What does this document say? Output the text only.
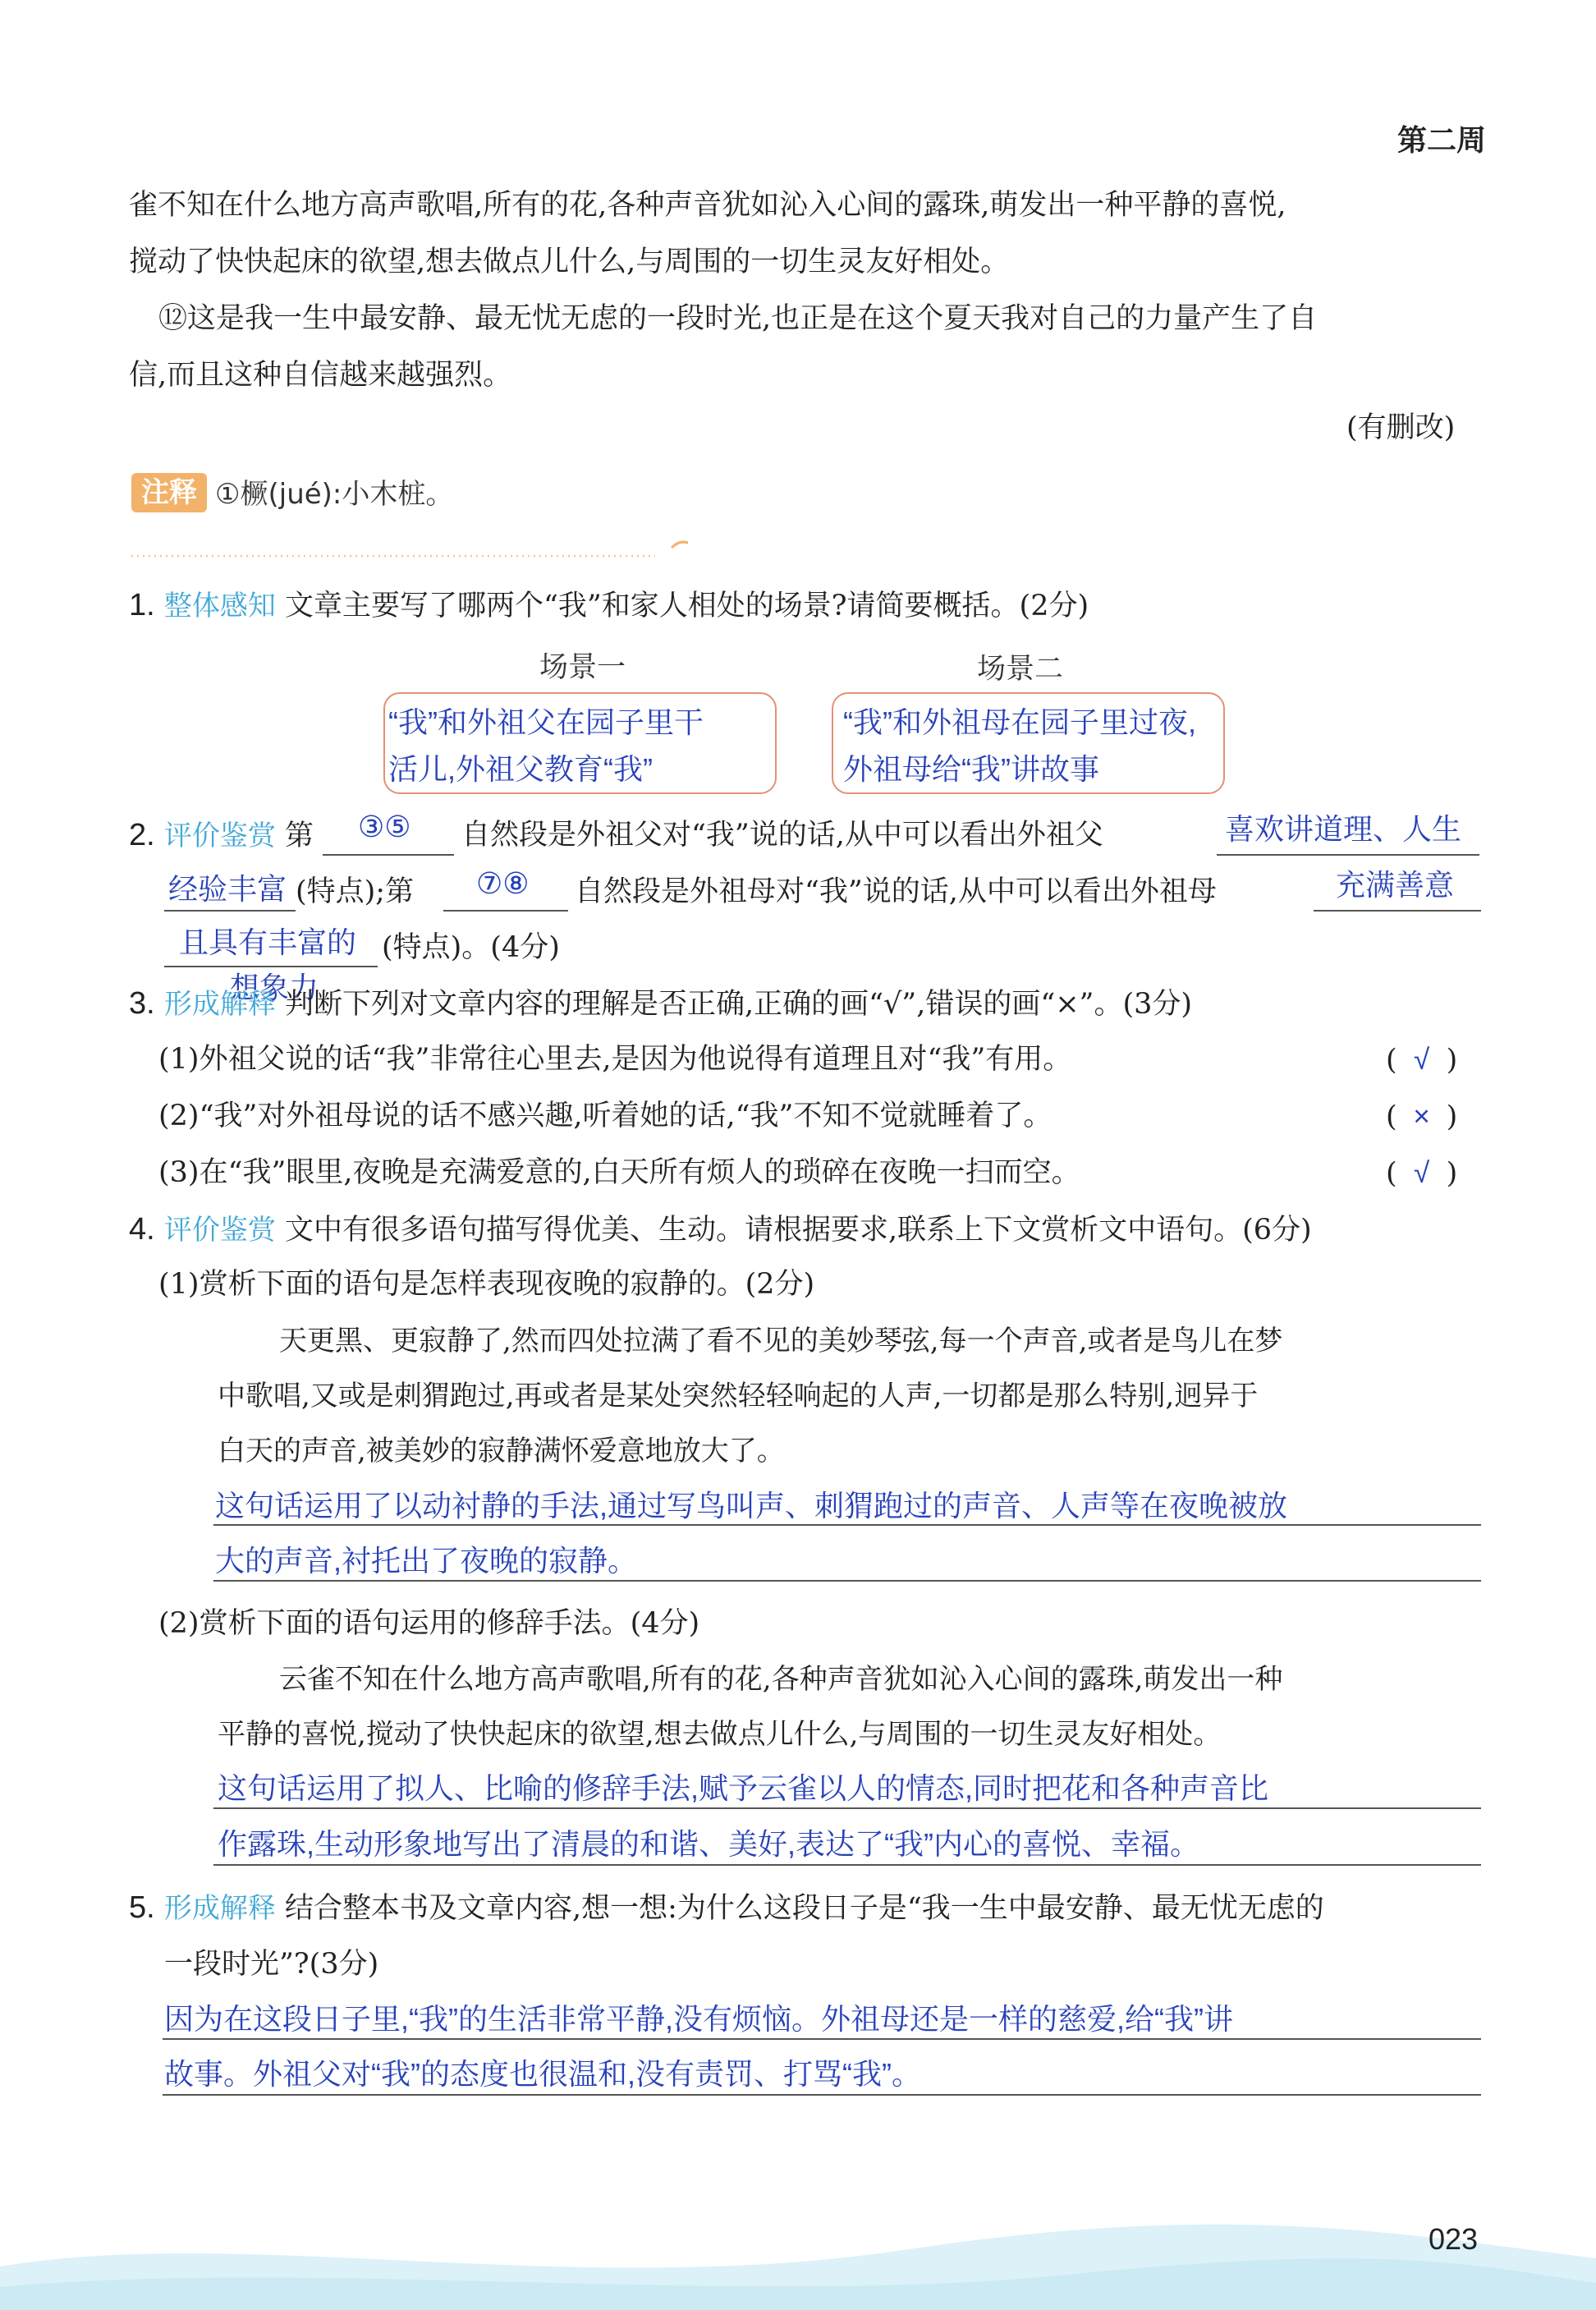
第二周
雀不知在什么地方高声歌唱,所有的花,各种声音犹如沁入心间的露珠,萌发出一种平静的喜悦,
搅动了快快起床的欲望,想去做点儿什么,与周围的一切生灵友好相处。
⑫这是我一生中最安静、最无忧无虑的一段时光,也正是在这个夏天我对自己的力量产生了自
信,而且这种自信越来越强烈。
(有删改)
注释 ①橛(jué):小木桩。
1. 整体感知 文章主要写了哪两个“我”和家人相处的场景?请简要概括。(2分)
场景一	场景二
“我”和外祖父在园子里干
活儿,外祖父教育“我”
“我”和外祖母在园子里过夜,
外祖母给“我”讲故事
2. 评价鉴赏 第 ③⑤ 自然段是外祖父对“我”说的话,从中可以看出外祖父	喜欢讲道理、人生
经验丰富 (特点);第 ⑦⑧ 自然段是外祖母对“我”说的话,从中可以看出外祖母	充满善意
且具有丰富的 (特点)。(4分)
想象力
3. 形成解释 判断下列对文章内容的理解是否正确,正确的画“√”,错误的画“×”。(3分)
(1)外祖父说的话“我”非常往心里去,是因为他说得有道理且对“我”有用。	( √ )
(2)“我”对外祖母说的话不感兴趣,听着她的话,“我”不知不觉就睡着了。	( × )
(3)在“我”眼里,夜晚是充满爱意的,白天所有烦人的琐碎在夜晚一扫而空。	( √ )
4. 评价鉴赏 文中有很多语句描写得优美、生动。请根据要求,联系上下文赏析文中语句。(6分)
(1)赏析下面的语句是怎样表现夜晚的寂静的。(2分)
天更黑、更寂静了,然而四处拉满了看不见的美妙琴弦,每一个声音,或者是鸟儿在梦
中歌唱,又或是刺猬跑过,再或者是某处突然轻轻响起的人声,一切都是那么特别,迥异于
白天的声音,被美妙的寂静满怀爱意地放大了。
这句话运用了以动衬静的手法,通过写鸟叫声、刺猬跑过的声音、人声等在夜晚被放
大的声音,衬托出了夜晚的寂静。
(2)赏析下面的语句运用的修辞手法。(4分)
云雀不知在什么地方高声歌唱,所有的花,各种声音犹如沁入心间的露珠,萌发出一种
平静的喜悦,搅动了快快起床的欲望,想去做点儿什么,与周围的一切生灵友好相处。
这句话运用了拟人、比喻的修辞手法,赋予云雀以人的情态,同时把花和各种声音比
作露珠,生动形象地写出了清晨的和谐、美好,表达了“我”内心的喜悦、幸福。
5. 形成解释 结合整本书及文章内容,想一想:为什么这段日子是“我一生中最安静、最无忧无虑的
一段时光”?(3分)
因为在这段日子里,“我”的生活非常平静,没有烦恼。外祖母还是一样的慈爱,给“我”讲
故事。外祖父对“我”的态度也很温和,没有责罚、打骂“我”。
023
